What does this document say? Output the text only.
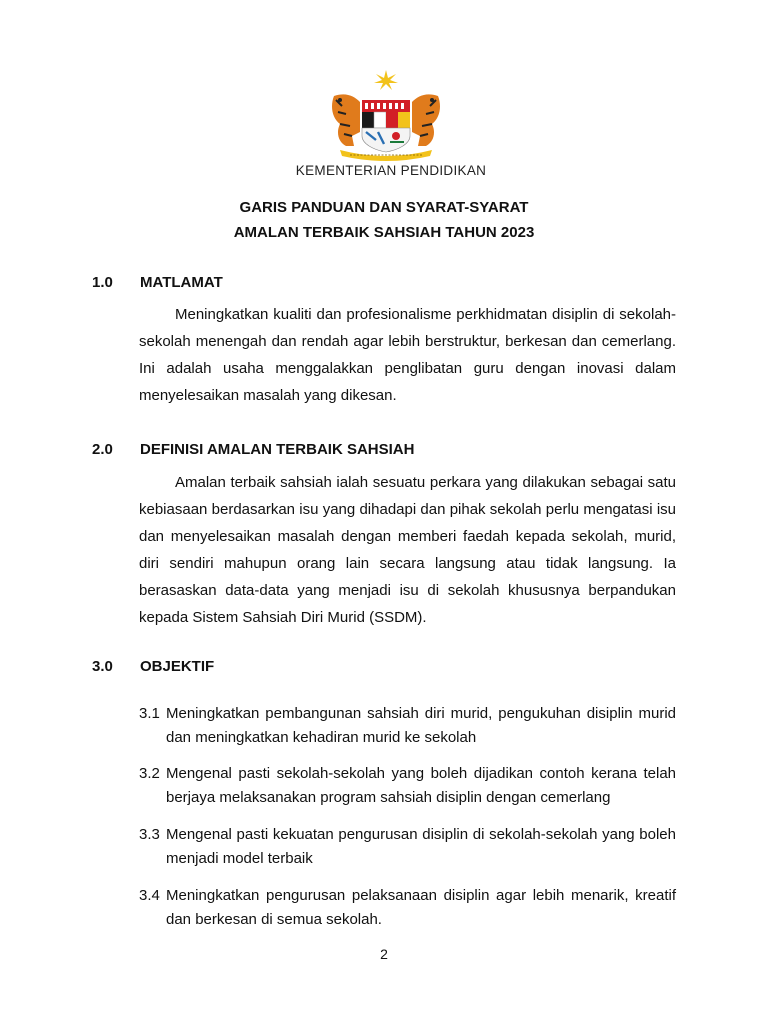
KEMENTERIAN PENDIDIKAN
GARIS PANDUAN DAN SYARAT-SYARAT
AMALAN TERBAIK SAHSIAH TAHUN 2023
1.0 MATLAMAT

Meningkatkan kualiti dan profesionalisme perkhidmatan disiplin di sekolah-sekolah menengah dan rendah agar lebih berstruktur, berkesan dan cemerlang. Ini adalah usaha menggalakkan penglibatan guru dengan inovasi dalam menyelesaikan masalah yang dikesan.

2.0 DEFINISI AMALAN TERBAIK SAHSIAH

Amalan terbaik sahsiah ialah sesuatu perkara yang dilakukan sebagai satu kebiasaan berdasarkan isu yang dihadapi dan pihak sekolah perlu mengatasi isu dan menyelesaikan masalah dengan memberi faedah kepada sekolah, murid, diri sendiri mahupun orang lain secara langsung atau tidak langsung. Ia berasaskan data-data yang menjadi isu di sekolah khususnya berpandukan kepada Sistem Sahsiah Diri Murid (SSDM).

3.0 OBJEKTIF
3.1 Meningkatkan pembangunan sahsiah diri murid, pengukuhan disiplin murid dan meningkatkan kehadiran murid ke sekolah
3.2 Mengenal pasti sekolah-sekolah yang boleh dijadikan contoh kerana telah berjaya melaksanakan program sahsiah disiplin dengan cemerlang
3.3 Mengenal pasti kekuatan pengurusan disiplin di sekolah-sekolah yang boleh menjadi model terbaik
3.4 Meningkatkan pengurusan pelaksanaan disiplin agar lebih menarik, kreatif dan berkesan di semua sekolah.
2
